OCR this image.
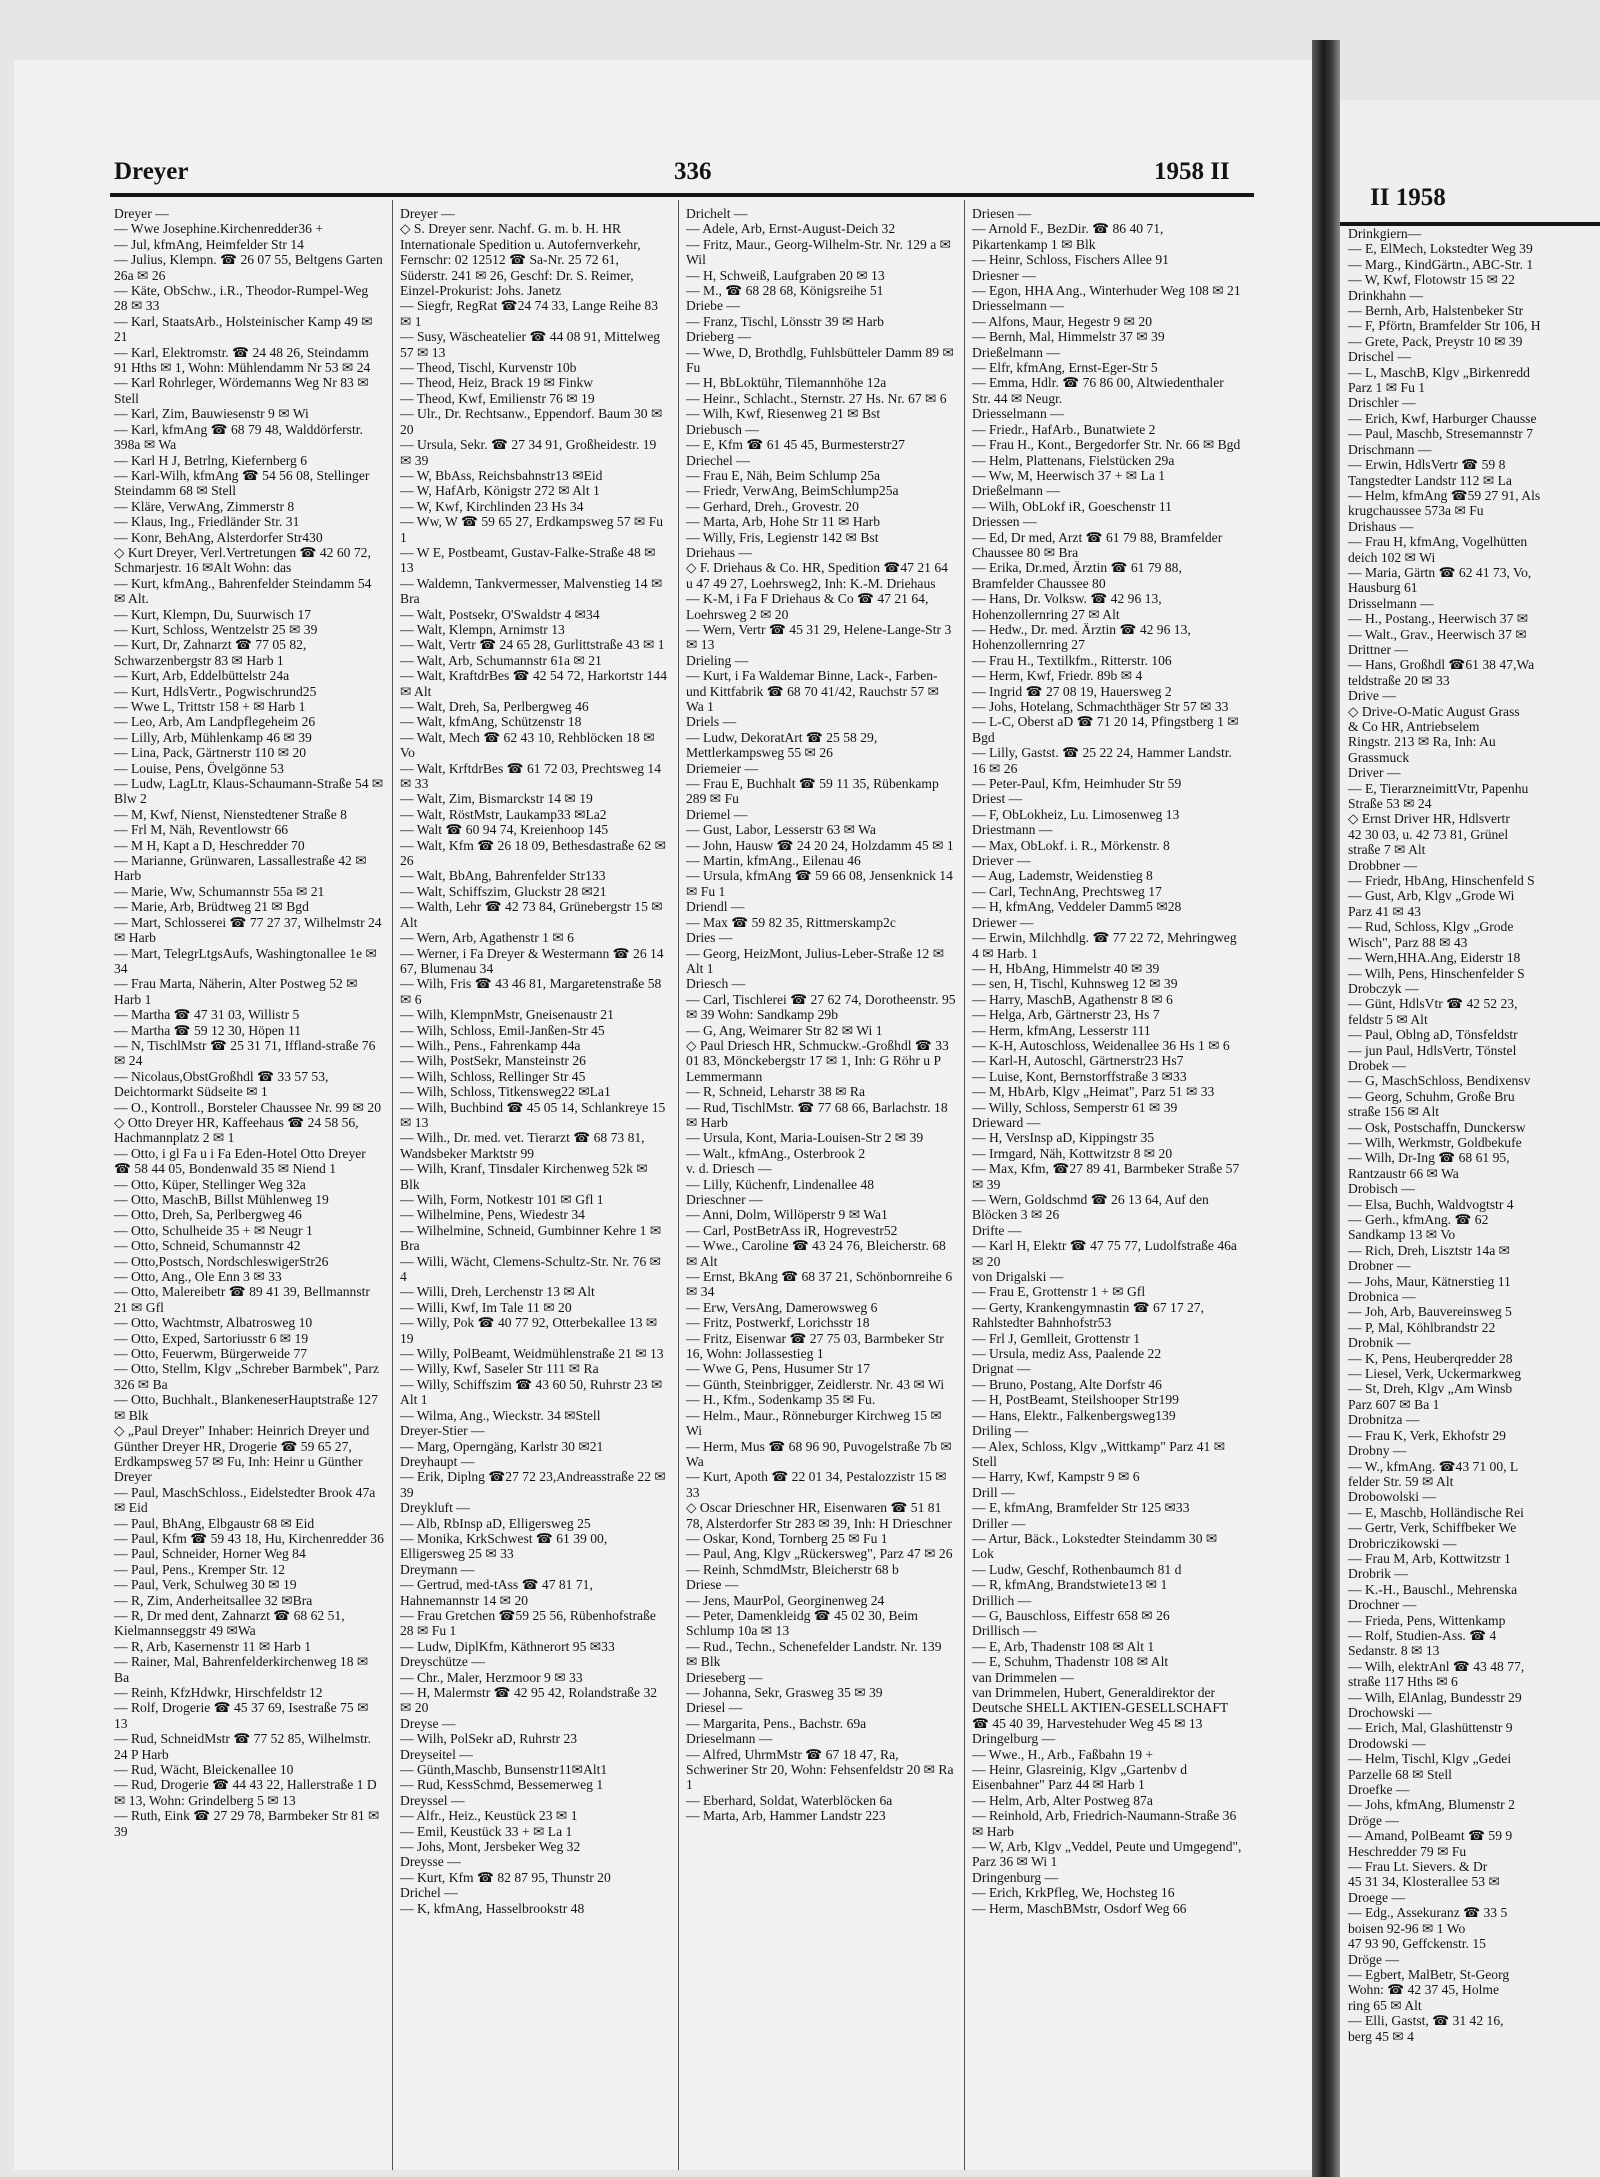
Dreyer	336	1958 II
Dreyer —
— Wwe Josephine.Kirchenredder36 +
— Jul, kfmAng, Heimfelder Str 14
— Julius, Klempn. ☎ 26 07 55, Beltgens Garten 26a ✉ 26
— Käte, ObSchw., i.R., Theodor-Rumpel-Weg 28 ✉ 33
— Karl, StaatsArb., Holsteinischer Kamp 49 ✉ 21
— Karl, Elektromstr. ☎ 24 48 26, Steindamm 91 Hths ✉ 1, Wohn: Mühlendamm Nr 53 ✉ 24
— Karl Rohrleger, Wördemanns Weg Nr 83 ✉ Stell
— Karl, Zim, Bauwiesenstr 9 ✉ Wi
— Karl, kfmAng ☎ 68 79 48, Walddörferstr. 398a ✉ Wa
— Karl H J, Betrlng, Kiefernberg 6
— Karl-Wilh, kfmAng ☎ 54 56 08, Stellinger Steindamm 68 ✉ Stell
— Kläre, VerwAng, Zimmerstr 8
— Klaus, Ing., Friedländer Str. 31
— Konr, BehAng, Alsterdorfer Str430
◇ Kurt Dreyer, Verl.Vertretungen ☎ 42 60 72, Schmarjestr. 16 ✉Alt Wohn: das
— Kurt, kfmAng., Bahrenfelder Steindamm 54 ✉ Alt.
— Kurt, Klempn, Du, Suurwisch 17
— Kurt, Schloss, Wentzelstr 25 ✉ 39
— Kurt, Dr, Zahnarzt ☎ 77 05 82, Schwarzenbergstr 83 ✉ Harb 1
— Kurt, Arb, Eddelbüttelstr 24a
— Kurt, HdlsVertr., Pogwischrund25
— Wwe L, Trittstr 158 + ✉ Harb 1
— Leo, Arb, Am Landpflegeheim 26
— Lilly, Arb, Mühlenkamp 46 ✉ 39
— Lina, Pack, Gärtnerstr 110 ✉ 20
— Louise, Pens, Övelgönne 53
— Ludw, LagLtr, Klaus-Schaumann-Straße 54 ✉ Blw 2
— M, Kwf, Nienst, Nienstedtener Straße 8
— Frl M, Näh, Reventlowstr 66
— M H, Kapt a D, Heschredder 70
— Marianne, Grünwaren, Lassallestraße 42 ✉ Harb
— Marie, Ww, Schumannstr 55a ✉ 21
— Marie, Arb, Brüdtweg 21 ✉ Bgd
— Mart, Schlosserei ☎ 77 27 37, Wilhelmstr 24 ✉ Harb
— Mart, TelegrLtgsAufs, Washingtonallee 1e ✉ 34
— Frau Marta, Näherin, Alter Postweg 52 ✉ Harb 1
— Martha ☎ 47 31 03, Willistr 5
— Martha ☎ 59 12 30, Höpen 11
— N, TischlMstr ☎ 25 31 71, Iffland-straße 76 ✉ 24
— Nicolaus,ObstGroßhdl ☎ 33 57 53, Deichtormarkt Südseite ✉ 1
— O., Kontroll., Borsteler Chaussee Nr. 99 ✉ 20
◇ Otto Dreyer HR, Kaffeehaus ☎ 24 58 56, Hachmannplatz 2 ✉ 1
— Otto, i gl Fa u i Fa Eden-Hotel Otto Dreyer ☎ 58 44 05, Bondenwald 35 ✉ Niend 1
— Otto, Küper, Stellinger Weg 32a
— Otto, MaschB, Billst Mühlenweg 19
— Otto, Dreh, Sa, Perlbergweg 46
— Otto, Schulheide 35 + ✉ Neugr 1
— Otto, Schneid, Schumannstr 42
— Otto,Postsch, NordschleswigerStr26
— Otto, Ang., Ole Enn 3 ✉ 33
— Otto, Malereibetr ☎ 89 41 39, Bellmannstr 21 ✉ Gfl
— Otto, Wachtmstr, Albatrosweg 10
— Otto, Exped, Sartoriusstr 6 ✉ 19
— Otto, Feuerwm, Bürgerweide 77
— Otto, Stellm, Klgv „Schreber Barmbek", Parz 326 ✉ Ba
— Otto, Buchhalt., BlankeneserHauptstraße 127 ✉ Blk
◇ „Paul Dreyer" Inhaber: Heinrich Dreyer und Günther Dreyer HR, Drogerie ☎ 59 65 27, Erdkampsweg 57 ✉ Fu, Inh: Heinr u Günther Dreyer
— Paul, MaschSchloss., Eidelstedter Brook 47a ✉ Eid
— Paul, BhAng, Elbgaustr 68 ✉ Eid
— Paul, Kfm ☎ 59 43 18, Hu, Kirchenredder 36
— Paul, Schneider, Horner Weg 84
— Paul, Pens., Kremper Str. 12
— Paul, Verk, Schulweg 30 ✉ 19
— R, Zim, Anderheitsallee 32 ✉Bra
— R, Dr med dent, Zahnarzt ☎ 68 62 51, Kielmannseggstr 49 ✉Wa
— R, Arb, Kasernenstr 11 ✉ Harb 1
— Rainer, Mal, Bahrenfelderkirchenweg 18 ✉ Ba
— Reinh, KfzHdwkr, Hirschfeldstr 12
— Rolf, Drogerie ☎ 45 37 69, Isestraße 75 ✉ 13
— Rud, SchneidMstr ☎ 77 52 85, Wilhelmstr. 24 P Harb
— Rud, Wächt, Bleickenallee 10
— Rud, Drogerie ☎ 44 43 22, Hallerstraße 1 D ✉ 13, Wohn: Grindelberg 5 ✉ 13
— Ruth, Eink ☎ 27 29 78, Barmbeker Str 81 ✉ 39
Dreyer —
◇ S. Dreyer senr. Nachf. G. m. b. H. HR Internationale Spedition u. Autofernverkehr, Fernschr: 02 12512 ☎ Sa-Nr. 25 72 61, Süderstr. 241 ✉ 26, Geschf: Dr. S. Reimer, Einzel-Prokurist: Johs. Janetz
— Siegfr, RegRat ☎24 74 33, Lange Reihe 83 ✉ 1
— Susy, Wäscheatelier ☎ 44 08 91, Mittelweg 57 ✉ 13
— Theod, Tischl, Kurvenstr 10b
— Theod, Heiz, Brack 19 ✉ Finkw
— Theod, Kwf, Emilienstr 76 ✉ 19
— Ulr., Dr. Rechtsanw., Eppendorf. Baum 30 ✉ 20
— Ursula, Sekr. ☎ 27 34 91, Großheidestr. 19 ✉ 39
— W, BbAss, Reichsbahnstr13 ✉Eid
— W, HafArb, Königstr 272 ✉ Alt 1
— W, Kwf, Kirchlinden 23 Hs 34
— Ww, W ☎ 59 65 27, Erdkampsweg 57 ✉ Fu 1
— W E, Postbeamt, Gustav-Falke-Straße 48 ✉ 13
— Waldemn, Tankvermesser, Malvenstieg 14 ✉ Bra
— Walt, Postsekr, O'Swaldstr 4 ✉34
— Walt, Klempn, Arnimstr 13
— Walt, Vertr ☎ 24 65 28, Gurlittstraße 43 ✉ 1
— Walt, Arb, Schumannstr 61a ✉ 21
— Walt, KraftdrBes ☎ 42 54 72, Harkortstr 144 ✉ Alt
— Walt, Dreh, Sa, Perlbergweg 46
— Walt, kfmAng, Schützenstr 18
— Walt, Mech ☎ 62 43 10, Rehblöcken 18 ✉ Vo
— Walt, KrftdrBes ☎ 61 72 03, Prechtsweg 14 ✉ 33
— Walt, Zim, Bismarckstr 14 ✉ 19
— Walt, RöstMstr, Laukamp33 ✉La2
— Walt ☎ 60 94 74, Kreienhoop 145
— Walt, Kfm ☎ 26 18 09, Bethesdastraße 62 ✉ 26
— Walt, BbAng, Bahrenfelder Str133
— Walt, Schiffszim, Gluckstr 28 ✉21
— Walth, Lehr ☎ 42 73 84, Grünebergstr 15 ✉ Alt
— Wern, Arb, Agathenstr 1 ✉ 6
— Werner, i Fa Dreyer & Westermann ☎ 26 14 67, Blumenau 34
— Wilh, Fris ☎ 43 46 81, Margaretenstraße 58 ✉ 6
— Wilh, KlempnMstr, Gneisenaustr 21
— Wilh, Schloss, Emil-Janßen-Str 45
— Wilh., Pens., Fahrenkamp 44a
— Wilh, PostSekr, Mansteinstr 26
— Wilh, Schloss, Rellinger Str 45
— Wilh, Schloss, Titkensweg22 ✉La1
— Wilh, Buchbind ☎ 45 05 14, Schlankreye 15 ✉ 13
— Wilh., Dr. med. vet. Tierarzt ☎ 68 73 81, Wandsbeker Marktstr 99
— Wilh, Kranf, Tinsdaler Kirchenweg 52k ✉ Blk
— Wilh, Form, Notkestr 101 ✉ Gfl 1
— Wilhelmine, Pens, Wiedestr 34
— Wilhelmine, Schneid, Gumbinner Kehre 1 ✉ Bra
— Willi, Wächt, Clemens-Schultz-Str. Nr. 76 ✉ 4
— Willi, Dreh, Lerchenstr 13 ✉ Alt
— Willi, Kwf, Im Tale 11 ✉ 20
— Willy, Pok ☎ 40 77 92, Otterbekallee 13 ✉ 19
— Willy, PolBeamt, Weidmühlenstraße 21 ✉ 13
— Willy, Kwf, Saseler Str 111 ✉ Ra
— Willy, Schiffszim ☎ 43 60 50, Ruhrstr 23 ✉ Alt 1
— Wilma, Ang., Wieckstr. 34 ✉Stell
Dreyer-Stier —
— Marg, Operngäng, Karlstr 30 ✉21
Dreyhaupt —
— Erik, Diplng ☎27 72 23,Andreasstraße 22 ✉ 39
Dreykluft —
— Alb, RbInsp aD, Elligersweg 25
— Monika, KrkSchwest ☎ 61 39 00, Elligersweg 25 ✉ 33
Dreymann —
— Gertrud, med-tAss ☎ 47 81 71, Hahnemannstr 14 ✉ 20
— Frau Gretchen ☎59 25 56, Rübenhofstraße 28 ✉ Fu 1
— Ludw, DiplKfm, Käthnerort 95 ✉33
Dreyschütze —
— Chr., Maler, Herzmoor 9 ✉ 33
— H, Malermstr ☎ 42 95 42, Rolandstraße 32 ✉ 20
Dreyse —
— Wilh, PolSekr aD, Ruhrstr 23
Dreyseitel —
— Günth,Maschb, Bunsenstr11✉Alt1
— Rud, KessSchmd, Bessemerweg 1
Dreyssel —
— Alfr., Heiz., Keustück 23 ✉ 1
— Emil, Keustück 33 + ✉ La 1
— Johs, Mont, Jersbeker Weg 32
Dreysse —
— Kurt, Kfm ☎ 82 87 95, Thunstr 20
Drichel —
— K, kfmAng, Hasselbrookstr 48
Drichelt —
— Adele, Arb, Ernst-August-Deich 32
— Fritz, Maur., Georg-Wilhelm-Str. Nr. 129 a ✉ Wil
— H, Schweiß, Laufgraben 20 ✉ 13
— M., ☎ 68 28 68, Königsreihe 51
Driebe —
— Franz, Tischl, Lönsstr 39 ✉ Harb
Drieberg —
— Wwe, D, Brothdlg, Fuhlsbütteler Damm 89 ✉ Fu
— H, BbLoktühr, Tilemannhöhe 12a
— Heinr., Schlacht., Sternstr. 27 Hs. Nr. 67 ✉ 6
— Wilh, Kwf, Riesenweg 21 ✉ Bst
Driebusch —
— E, Kfm ☎ 61 45 45, Burmesterstr27
Driechel —
— Frau E, Näh, Beim Schlump 25a
— Friedr, VerwAng, BeimSchlump25a
— Gerhard, Dreh., Grovestr. 20
— Marta, Arb, Hohe Str 11 ✉ Harb
— Willy, Fris, Legienstr 142 ✉ Bst
Driehaus —
◇ F. Driehaus & Co. HR, Spedition ☎47 21 64 u 47 49 27, Loehrsweg2, Inh: K.-M. Driehaus
— K-M, i Fa F Driehaus & Co ☎ 47 21 64, Loehrsweg 2 ✉ 20
— Wern, Vertr ☎ 45 31 29, Helene-Lange-Str 3 ✉ 13
Drieling —
— Kurt, i Fa Waldemar Binne, Lack-, Farben- und Kittfabrik ☎ 68 70 41/42, Rauchstr 57 ✉ Wa 1
Driels —
— Ludw, DekoratArt ☎ 25 58 29, Mettlerkampsweg 55 ✉ 26
Driemeier —
— Frau E, Buchhalt ☎ 59 11 35, Rübenkamp 289 ✉ Fu
Driemel —
— Gust, Labor, Lesserstr 63 ✉ Wa
— John, Hausw ☎ 24 20 24, Holzdamm 45 ✉ 1
— Martin, kfmAng., Eilenau 46
— Ursula, kfmAng ☎ 59 66 08, Jensenknick 14 ✉ Fu 1
Driendl —
— Max ☎ 59 82 35, Rittmerskamp2c
Dries —
— Georg, HeizMont, Julius-Leber-Straße 12 ✉ Alt 1
Driesch —
— Carl, Tischlerei ☎ 27 62 74, Dorotheenstr. 95 ✉ 39 Wohn: Sandkamp 29b
— G, Ang, Weimarer Str 82 ✉ Wi 1
◇ Paul Driesch HR, Schmuckw.-Großhdl ☎ 33 01 83, Mönckebergstr 17 ✉ 1, Inh: G Röhr u P Lemmermann
— R, Schneid, Leharstr 38 ✉ Ra
— Rud, TischlMstr. ☎ 77 68 66, Barlachstr. 18 ✉ Harb
— Ursula, Kont, Maria-Louisen-Str 2 ✉ 39
— Walt., kfmAng., Osterbrook 2
v. d. Driesch —
— Lilly, Küchenfr, Lindenallee 48
Drieschner —
— Anni, Dolm, Willöperstr 9 ✉ Wa1
— Carl, PostBetrAss iR, Hogrevestr52
— Wwe., Caroline ☎ 43 24 76, Bleicherstr. 68 ✉ Alt
— Ernst, BkAng ☎ 68 37 21, Schönbornreihe 6 ✉ 34
— Erw, VersAng, Damerowsweg 6
— Fritz, Postwerkf, Lorichsstr 18
— Fritz, Eisenwar ☎ 27 75 03, Barmbeker Str 16, Wohn: Jollassestieg 1
— Wwe G, Pens, Husumer Str 17
— Günth, Steinbrigger, Zeidlerstr. Nr. 43 ✉ Wi
— H., Kfm., Sodenkamp 35 ✉ Fu.
— Helm., Maur., Rönneburger Kirchweg 15 ✉ Wi
— Herm, Mus ☎ 68 96 90, Puvogelstraße 7b ✉ Wa
— Kurt, Apoth ☎ 22 01 34, Pestalozzistr 15 ✉ 33
◇ Oscar Drieschner HR, Eisenwaren ☎ 51 81 78, Alsterdorfer Str 283 ✉ 39, Inh: H Drieschner
— Oskar, Kond, Tornberg 25 ✉ Fu 1
— Paul, Ang, Klgv „Rückersweg", Parz 47 ✉ 26
— Reinh, SchmdMstr, Bleicherstr 68 b
Driese —
— Jens, MaurPol, Georginenweg 24
— Peter, Damenkleidg ☎ 45 02 30, Beim Schlump 10a ✉ 13
— Rud., Techn., Schenefelder Landstr. Nr. 139 ✉ Blk
Drieseberg —
— Johanna, Sekr, Grasweg 35 ✉ 39
Driesel —
— Margarita, Pens., Bachstr. 69a
Drieselmann —
— Alfred, UhrmMstr ☎ 67 18 47, Ra, Schweriner Str 20, Wohn: Fehsenfeldstr 20 ✉ Ra 1
— Eberhard, Soldat, Waterblöcken 6a
— Marta, Arb, Hammer Landstr 223
Driesen —
— Arnold F., BezDir. ☎ 86 40 71, Pikartenkamp 1 ✉ Blk
— Heinr, Schloss, Fischers Allee 91
Driesner —
— Egon, HHA Ang., Winterhuder Weg 108 ✉ 21
Driesselmann —
— Alfons, Maur, Hegestr 9 ✉ 20
— Bernh, Mal, Himmelstr 37 ✉ 39
Drießelmann —
— Elfr, kfmAng, Ernst-Eger-Str 5
— Emma, Hdlr. ☎ 76 86 00, Altwiedenthaler Str. 44 ✉ Neugr.
Driesselmann —
— Friedr., HafArb., Bunatwiete 2
— Frau H., Kont., Bergedorfer Str. Nr. 66 ✉ Bgd
— Helm, Plattenans, Fielstücken 29a
— Ww, M, Heerwisch 37 + ✉ La 1
Drießelmann —
— Wilh, ObLokf iR, Goeschenstr 11
Driessen —
— Ed, Dr med, Arzt ☎ 61 79 88, Bramfelder Chaussee 80 ✉ Bra
— Erika, Dr.med, Ärztin ☎ 61 79 88, Bramfelder Chaussee 80
— Hans, Dr. Volksw. ☎ 42 96 13, Hohenzollernring 27 ✉ Alt
— Hedw., Dr. med. Ärztin ☎ 42 96 13, Hohenzollernring 27
— Frau H., Textilkfm., Ritterstr. 106
— Herm, Kwf, Friedr. 89b ✉ 4
— Ingrid ☎ 27 08 19, Hauersweg 2
— Johs, Hotelang, Schmachthäger Str 57 ✉ 33
— L-C, Oberst aD ☎ 71 20 14, Pfingstberg 1 ✉ Bgd
— Lilly, Gastst. ☎ 25 22 24, Hammer Landstr. 16 ✉ 26
— Peter-Paul, Kfm, Heimhuder Str 59
Driest —
— F, ObLokheiz, Lu. Limosenweg 13
Driestmann —
— Max, ObLokf. i. R., Mörkenstr. 8
Driever —
— Aug, Lademstr, Weidenstieg 8
— Carl, TechnAng, Prechtsweg 17
— H, kfmAng, Veddeler Damm5 ✉28
Driewer —
— Erwin, Milchhdlg. ☎ 77 22 72, Mehringweg 4 ✉ Harb. 1
— H, HbAng, Himmelstr 40 ✉ 39
— sen, H, Tischl, Kuhnsweg 12 ✉ 39
— Harry, MaschB, Agathenstr 8 ✉ 6
— Helga, Arb, Gärtnerstr 23, Hs 7
— Herm, kfmAng, Lesserstr 111
— K-H, Autoschloss, Weidenallee 36 Hs 1 ✉ 6
— Karl-H, Autoschl, Gärtnerstr23 Hs7
— Luise, Kont, Bernstorffstraße 3 ✉33
— M, HbArb, Klgv „Heimat", Parz 51 ✉ 33
— Willy, Schloss, Semperstr 61 ✉ 39
Drieward —
— H, VersInsp aD, Kippingstr 35
— Irmgard, Näh, Kottwitzstr 8 ✉ 20
— Max, Kfm, ☎27 89 41, Barmbeker Straße 57 ✉ 39
— Wern, Goldschmd ☎ 26 13 64, Auf den Blöcken 3 ✉ 26
Drifte —
— Karl H, Elektr ☎ 47 75 77, Ludolfstraße 46a ✉ 20
von Drigalski —
— Frau E, Grottenstr 1 + ✉ Gfl
— Gerty, Krankengymnastin ☎ 67 17 27, Rahlstedter Bahnhofstr53
— Frl J, Gemlleit, Grottenstr 1
— Ursula, mediz Ass, Paalende 22
Drignat —
— Bruno, Postang, Alte Dorfstr 46
— H, PostBeamt, Steilshooper Str199
— Hans, Elektr., Falkenbergsweg139
Driling —
— Alex, Schloss, Klgv „Wittkamp" Parz 41 ✉ Stell
— Harry, Kwf, Kampstr 9 ✉ 6
Drill —
— E, kfmAng, Bramfelder Str 125 ✉33
Driller —
— Artur, Bäck., Lokstedter Steindamm 30 ✉ Lok
— Ludw, Geschf, Rothenbaumch 81 d
— R, kfmAng, Brandstwiete13 ✉ 1
Drillich —
— G, Bauschloss, Eiffestr 658 ✉ 26
Drillisch —
— E, Arb, Thadenstr 108 ✉ Alt 1
— E, Schuhm, Thadenstr 108 ✉ Alt
van Drimmelen —
van Drimmelen, Hubert, Generaldirektor der Deutsche SHELL AKTIEN-GESELLSCHAFT ☎ 45 40 39, Harvestehuder Weg 45 ✉ 13
Dringelburg —
— Wwe., H., Arb., Faßbahn 19 +
— Heinr, Glasreinig, Klgv „Gartenbv d Eisenbahner" Parz 44 ✉ Harb 1
— Helm, Arb, Alter Postweg 87a
— Reinhold, Arb, Friedrich-Naumann-Straße 36 ✉ Harb
— W, Arb, Klgv „Veddel, Peute und Umgegend", Parz 36 ✉ Wi 1
Dringenburg —
— Erich, KrkPfleg, We, Hochsteg 16
— Herm, MaschBMstr, Osdorf Weg 66
II 1958
Drinkgiern—
— E, ElMech, Lokstedter Weg 39
— Marg., KindGärtn., ABC-Str. 1
— W, Kwf, Flotowstr 15 ✉ 22
Drinkhahn —
— Bernh, Arb, Halstenbeker Str
— F, Pförtn, Bramfelder Str 106, H
— Grete, Pack, Preystr 10 ✉ 39
Drischel —
— L, MaschB, Klgv „Birkenredd
Parz 1 ✉ Fu 1
Drischler —
— Erich, Kwf, Harburger Chausse
— Paul, Maschb, Stresemannstr 7
Drischmann —
— Erwin, HdlsVertr ☎ 59 8
Tangstedter Landstr 112 ✉ La
— Helm, kfmAng ☎59 27 91, Als
krugchaussee 573a ✉ Fu
Drishaus —
— Frau H, kfmAng, Vogelhütten
deich 102 ✉ Wi
— Maria, Gärtn ☎ 62 41 73, Vo,
Hausburg 61
Drisselmann —
— H., Postang., Heerwisch 37 ✉
— Walt., Grav., Heerwisch 37 ✉
Drittner —
— Hans, Großhdl ☎61 38 47,Wa
teldstraße 20 ✉ 33
Drive —
◇ Drive-O-Matic August Grass
& Co HR, Antriebselem
Ringstr. 213 ✉ Ra, Inh: Au
Grassmuck
Driver —
— E, TierarzneimittVtr, Papenhu
Straße 53 ✉ 24
◇ Ernst Driver HR, Hdlsvertr
42 30 03, u. 42 73 81, Grünel
straße 7 ✉ Alt
Drobbner —
— Friedr, HbAng, Hinschenfeld S
— Gust, Arb, Klgv „Grode Wi
Parz 41 ✉ 43
— Rud, Schloss, Klgv „Grode
Wisch", Parz 88 ✉ 43
— Wern,HHA.Ang, Eiderstr 18
— Wilh, Pens, Hinschenfelder S
Drobczyk —
— Günt, HdlsVtr ☎ 42 52 23,
feldstr 5 ✉ Alt
— Paul, Oblng aD, Tönsfeldstr
— jun Paul, HdlsVertr, Tönstel
Drobek —
— G, MaschSchloss, Bendixensv
— Georg, Schuhm, Große Bru
straße 156 ✉ Alt
— Osk, Postschaffn, Dunckersw
— Wilh, Werkmstr, Goldbekufe
— Wilh, Dr-Ing ☎ 68 61 95,
Rantzaustr 66 ✉ Wa
Drobisch —
— Elsa, Buchh, Waldvogtstr 4
— Gerh., kfmAng. ☎ 62
Sandkamp 13 ✉ Vo
— Rich, Dreh, Lisztstr 14a ✉
Drobner —
— Johs, Maur, Kätnerstieg 11
Drobnica —
— Joh, Arb, Bauvereinsweg 5
— P, Mal, Köhlbrandstr 22
Drobnik —
— K, Pens, Heuberqredder 28
— Liesel, Verk, Uckermarkweg
— St, Dreh, Klgv „Am Winsb
Parz 607 ✉ Ba 1
Drobnitza —
— Frau K, Verk, Ekhofstr 29
Drobny —
— W., kfmAng. ☎43 71 00, L
felder Str. 59 ✉ Alt
Drobowolski —
— E, Maschb, Holländische Rei
— Gertr, Verk, Schiffbeker We
Drobriczikowski —
— Frau M, Arb, Kottwitzstr 1
Drobrik —
— K.-H., Bauschl., Mehrenska
Drochner —
— Frieda, Pens, Wittenkamp
— Rolf, Studien-Ass. ☎ 4
Sedanstr. 8 ✉ 13
— Wilh, elektrAnl ☎ 43 48 77,
straße 117 Hths ✉ 6
— Wilh, ElAnlag, Bundesstr 29
Drochowski —
— Erich, Mal, Glashüttenstr 9
Drodowski —
— Helm, Tischl, Klgv „Gedei
Parzelle 68 ✉ Stell
Droefke —
— Johs, kfmAng, Blumenstr 2
Dröge —
— Amand, PolBeamt ☎ 59 9
Heschredder 79 ✉ Fu
— Frau Lt. Sievers. & Dr
45 31 34, Klosterallee 53 ✉
Droege —
— Edg., Assekuranz ☎ 33 5
boisen 92-96 ✉ 1 Wo
47 93 90, Geffckenstr. 15
Dröge —
— Egbert, MalBetr, St-Georg
Wohn: ☎ 42 37 45, Holme
ring 65 ✉ Alt
— Elli, Gastst, ☎ 31 42 16,
berg 45 ✉ 4
